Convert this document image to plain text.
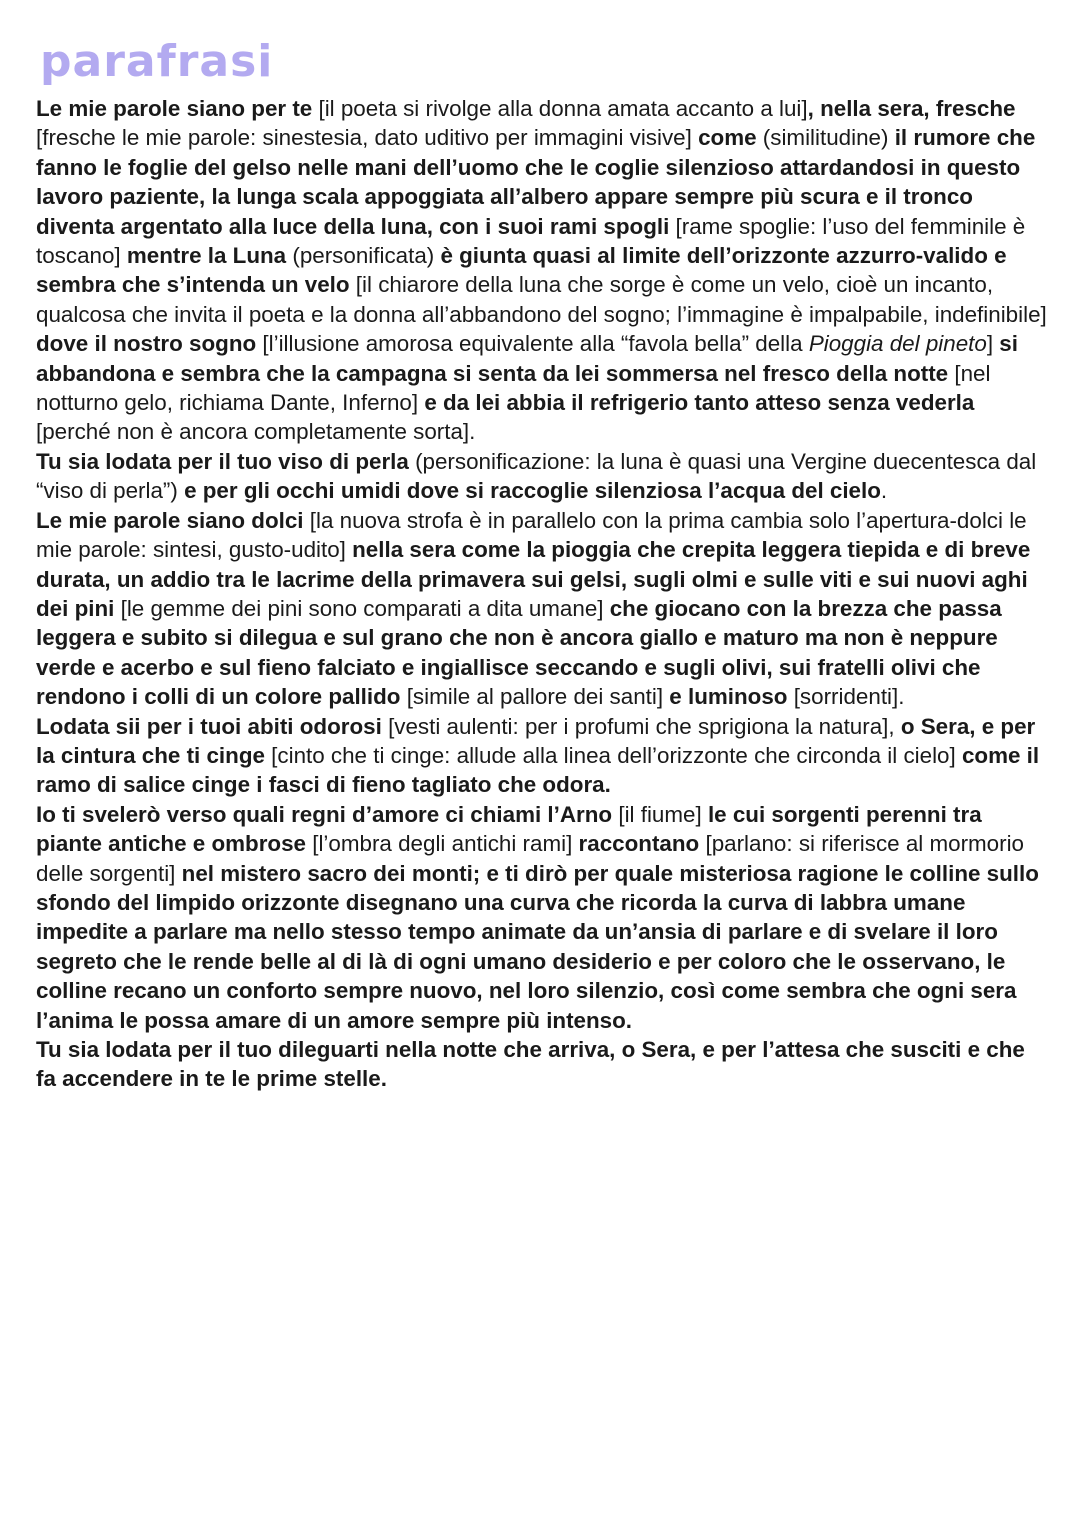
parafrasi

Le mie parole siano per te [il poeta si rivolge alla donna amata accanto a lui], nella sera, fresche [fresche le mie parole: sinestesia, dato uditivo per immagini visive] come (similitudine) il rumore che fanno le foglie del gelso nelle mani dell’uomo che le coglie silenzioso attardandosi in questo lavoro paziente, la lunga scala appoggiata all’albero appare sempre più scura e il tronco diventa argentato alla luce della luna, con i suoi rami spogli [rame spoglie: l’uso del femminile è toscano] mentre la Luna (personificata) è giunta quasi al limite dell’orizzonte azzurro-valido e sembra che s’intenda un velo [il chiarore della luna che sorge è come un velo, cioè un incanto, qualcosa che invita il poeta e la donna all’abbandono del sogno; l’immagine è impalpabile, indefinibile] dove il nostro sogno [l’illusione amorosa equivalente alla “favola bella” della Pioggia del pineto] si abbandona e sembra che la campagna si senta da lei sommersa nel fresco della notte [nel notturno gelo, richiama Dante, Inferno] e da lei abbia il refrigerio tanto atteso senza vederla [perché non è ancora completamente sorta].

Tu sia lodata per il tuo viso di perla (personificazione: la luna è quasi una Vergine duecentesca dal “viso di perla”) e per gli occhi umidi dove si raccoglie silenziosa l’acqua del cielo.

Le mie parole siano dolci [la nuova strofa è in parallelo con la prima cambia solo l’apertura-dolci le mie parole: sintesi, gusto-udito] nella sera come la pioggia che crepita leggera tiepida e di breve durata, un addio tra le lacrime della primavera sui gelsi, sugli olmi e sulle viti e sui nuovi aghi dei pini [le gemme dei pini sono comparati a dita umane] che giocano con la brezza che passa leggera e subito si dilegua e sul grano che non è ancora giallo e maturo ma non è neppure verde e acerbo e sul fieno falciato e ingiallisce seccando e sugli olivi, sui fratelli olivi che rendono i colli di un colore pallido [simile al pallore dei santi] e luminoso [sorridenti].

Lodata sii per i tuoi abiti odorosi [vesti aulenti: per i profumi che sprigiona la natura], o Sera, e per la cintura che ti cinge [cinto che ti cinge: allude alla linea dell’orizzonte che circonda il cielo] come il ramo di salice cinge i fasci di fieno tagliato che odora.

Io ti svelerò verso quali regni d’amore ci chiami l’Arno [il fiume] le cui sorgenti perenni tra piante antiche e ombrose [l’ombra degli antichi rami] raccontano [parlano: si riferisce al mormorio delle sorgenti] nel mistero sacro dei monti; e ti dirò per quale misteriosa ragione le colline sullo sfondo del limpido orizzonte disegnano una curva che ricorda la curva di labbra umane impedite a parlare ma nello stesso tempo animate da un’ansia di parlare e di svelare il loro segreto che le rende belle al di là di ogni umano desiderio e per coloro che le osservano, le colline recano un conforto sempre nuovo, nel loro silenzio, così come sembra che ogni sera l’anima le possa amare di un amore sempre più intenso.

Tu sia lodata per il tuo dileguarti nella notte che arriva, o Sera, e per l’attesa che susciti e che fa accendere in te le prime stelle.
